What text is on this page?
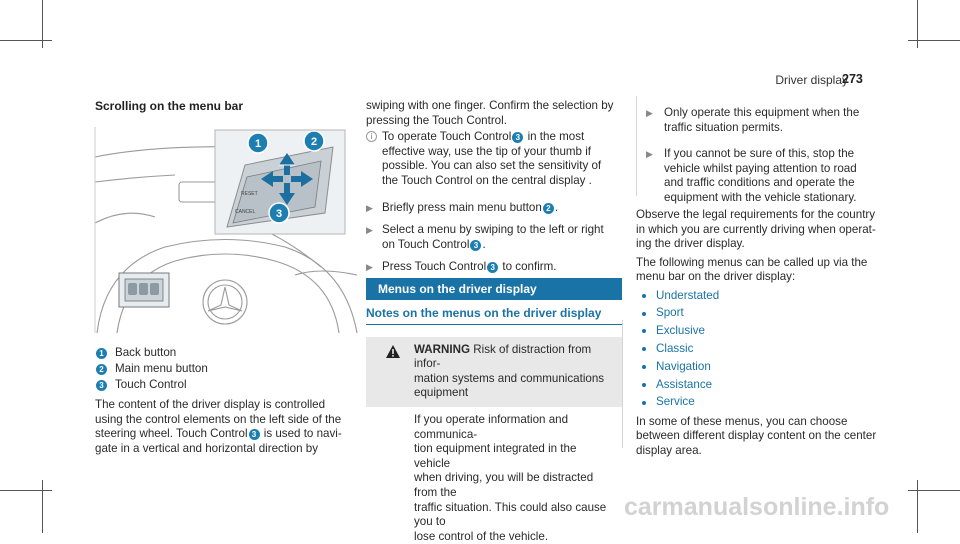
Driver display
273
Scrolling on the menu bar
RESET
CANCEL
1	2
3
1 Back button
2 Main menu button
3 Touch Control
The content of the driver display is controlled
using the control elements on the left side of the
steering wheel. Touch Control 3 is used to navi-
gate in a vertical and horizontal direction by
swiping with one finger. Confirm the selection by
pressing the Touch Control.
i To operate Touch Control 3 in the most
effective way, use the tip of your thumb if
possible. You can also set the sensitivity of
the Touch Control on the central display .
▶ Briefly press main menu button 2 .
▶ Select a menu by swiping to the left or right
on Touch Control 3 .
▶ Press Touch Control 3 to confirm.
Menus on the driver display
Notes on the menus on the driver display
WARNING Risk of distraction from infor-
mation systems and communications
equipment
If you operate information and communica-
tion equipment integrated in the vehicle
when driving, you will be distracted from the
traffic situation. This could also cause you to
lose control of the vehicle.
▶ Only operate this equipment when the
traffic situation permits.
▶ If you cannot be sure of this, stop the
vehicle whilst paying attention to road
and traffic conditions and operate the
equipment with the vehicle stationary.
Observe the legal requirements for the country
in which you are currently driving when operat-
ing the driver display.
The following menus can be called up via the
menu bar on the driver display:
Understated
Sport
Exclusive
Classic
Navigation
Assistance
Service
In some of these menus, you can choose
between different display content on the center
display area.
carmanualsonline.info
